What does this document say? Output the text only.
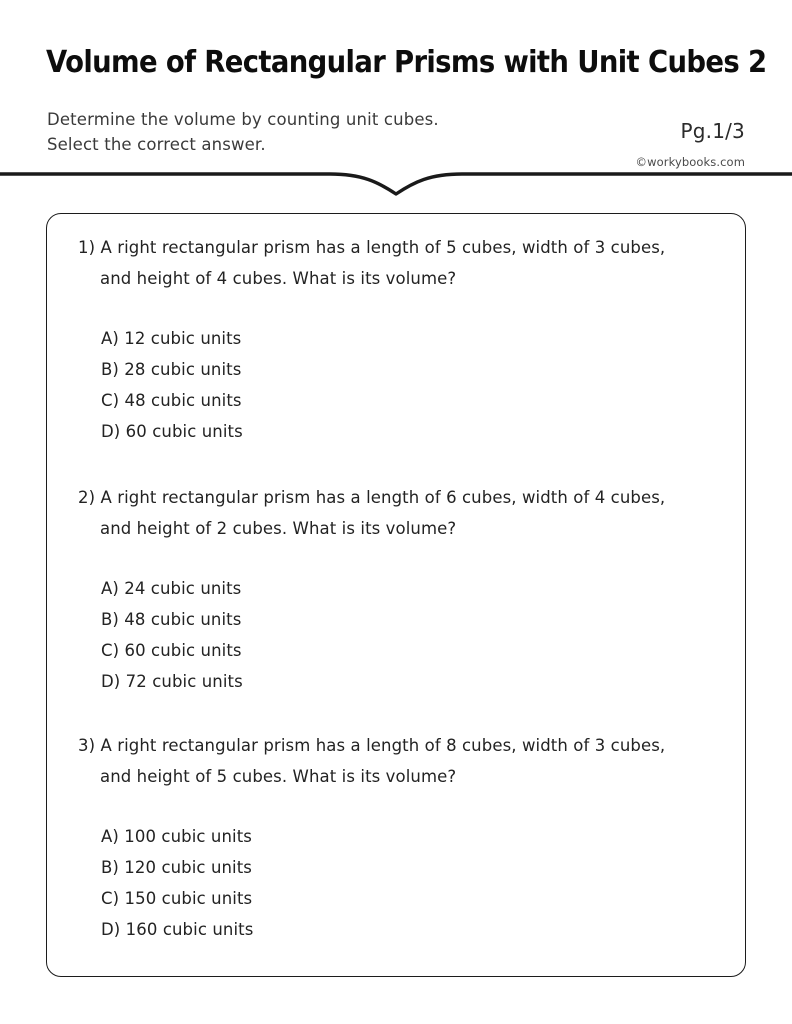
Volume of Rectangular Prisms with Unit Cubes 2
Determine the volume by counting unit cubes.
Select the correct answer.
Pg.1/3
©workybooks.com

1) A right rectangular prism has a length of 5 cubes, width of 3 cubes,
and height of 4 cubes. What is its volume?

A) 12 cubic units
B) 28 cubic units
C) 48 cubic units
D) 60 cubic units

2) A right rectangular prism has a length of 6 cubes, width of 4 cubes,
and height of 2 cubes. What is its volume?

A) 24 cubic units
B) 48 cubic units
C) 60 cubic units
D) 72 cubic units

3) A right rectangular prism has a length of 8 cubes, width of 3 cubes,
and height of 5 cubes. What is its volume?

A) 100 cubic units
B) 120 cubic units
C) 150 cubic units
D) 160 cubic units
